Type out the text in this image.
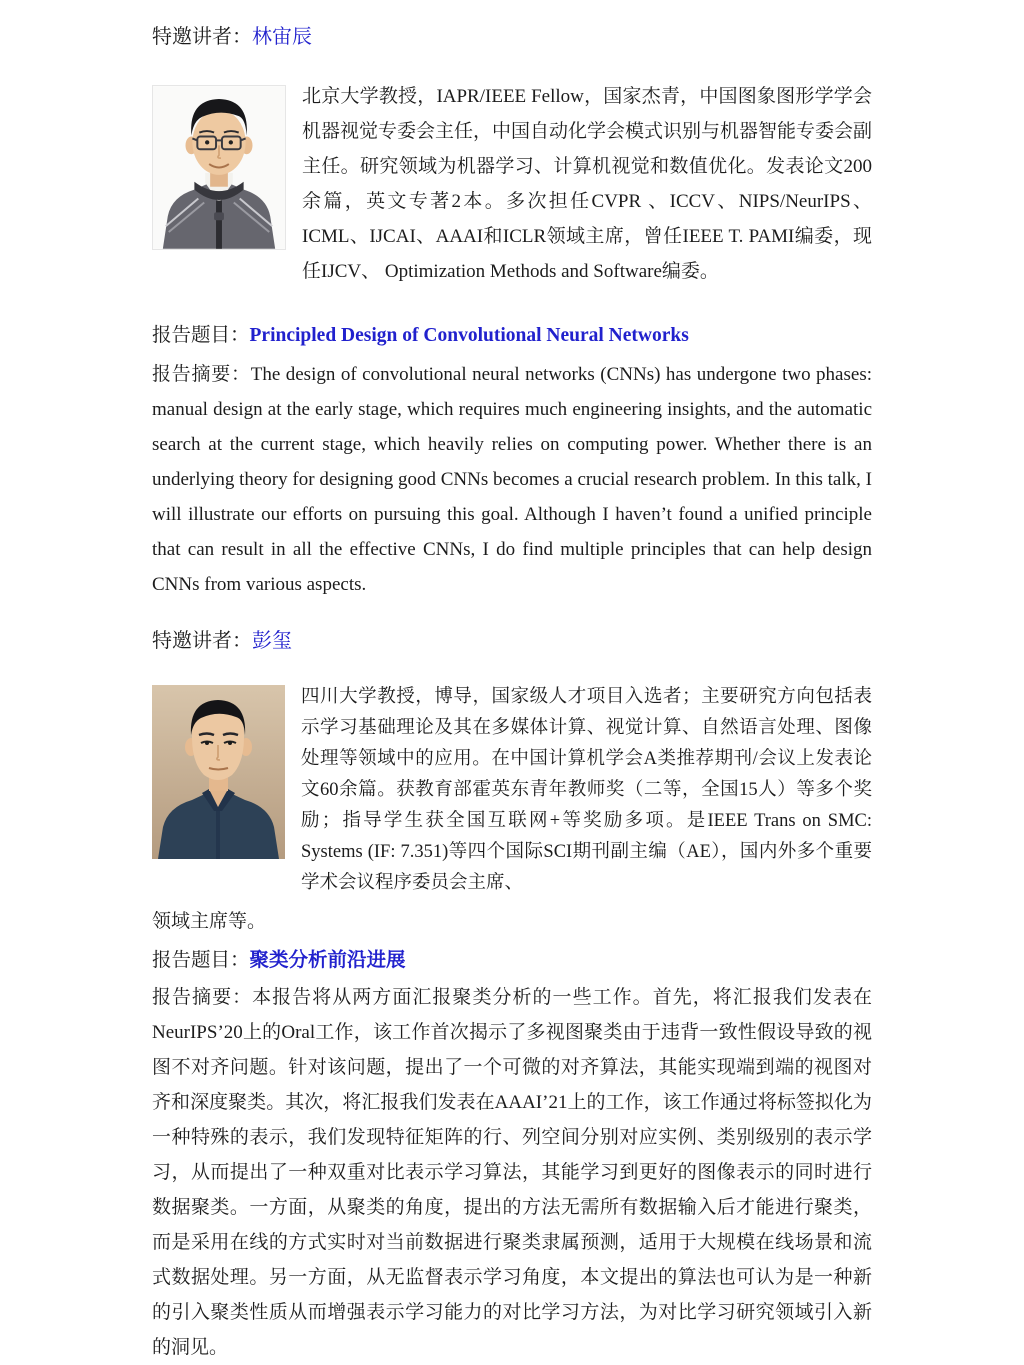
特邀讲者：林宙辰

北京大学教授，IAPR/IEEE Fellow，国家杰青，中国图象图形学学会机器视觉专委会主任，中国自动化学会模式识别与机器智能专委会副主任。研究领域为机器学习、计算机视觉和数值优化。发表论文200余篇，英文专著2本。多次担任CVPR 、ICCV、NIPS/NeurIPS、ICML、IJCAI、AAAI和ICLR领域主席，曾任IEEE T. PAMI编委，现任IJCV、 Optimization Methods and Software编委。

报告题目：Principled Design of Convolutional Neural Networks

报告摘要：The design of convolutional neural networks (CNNs) has undergone two phases: manual design at the early stage, which requires much engineering insights, and the automatic search at the current stage, which heavily relies on computing power. Whether there is an underlying theory for designing good CNNs becomes a crucial research problem. In this talk, I will illustrate our efforts on pursuing this goal. Although I haven’t found a unified principle that can result in all the effective CNNs, I do find multiple principles that can help design CNNs from various aspects.

特邀讲者：彭玺

四川大学教授，博导，国家级人才项目入选者；主要研究方向包括表示学习基础理论及其在多媒体计算、视觉计算、自然语言处理、图像处理等领域中的应用。在中国计算机学会A类推荐期刊/会议上发表论文60余篇。获教育部霍英东青年教师奖（二等，全国15人）等多个奖励；指导学生获全国互联网+等奖励多项。是IEEE Trans on SMC: Systems (IF: 7.351)等四个国际SCI期刊副主编（AE），国内外多个重要学术会议程序委员会主席、

领域主席等。

报告题目：聚类分析前沿进展

报告摘要：本报告将从两方面汇报聚类分析的一些工作。首先，将汇报我们发表在NeurIPS’20上的Oral工作，该工作首次揭示了多视图聚类由于违背一致性假设导致的视图不对齐问题。针对该问题，提出了一个可微的对齐算法，其能实现端到端的视图对齐和深度聚类。其次，将汇报我们发表在AAAI’21上的工作，该工作通过将标签拟化为一种特殊的表示，我们发现特征矩阵的行、列空间分别对应实例、类别级别的表示学习，从而提出了一种双重对比表示学习算法，其能学习到更好的图像表示的同时进行数据聚类。一方面，从聚类的角度，提出的方法无需所有数据输入后才能进行聚类，而是采用在线的方式实时对当前数据进行聚类隶属预测，适用于大规模在线场景和流式数据处理。另一方面，从无监督表示学习角度，本文提出的算法也可认为是一种新的引入聚类性质从而增强表示学习能力的对比学习方法，为对比学习研究领域引入新的洞见。
